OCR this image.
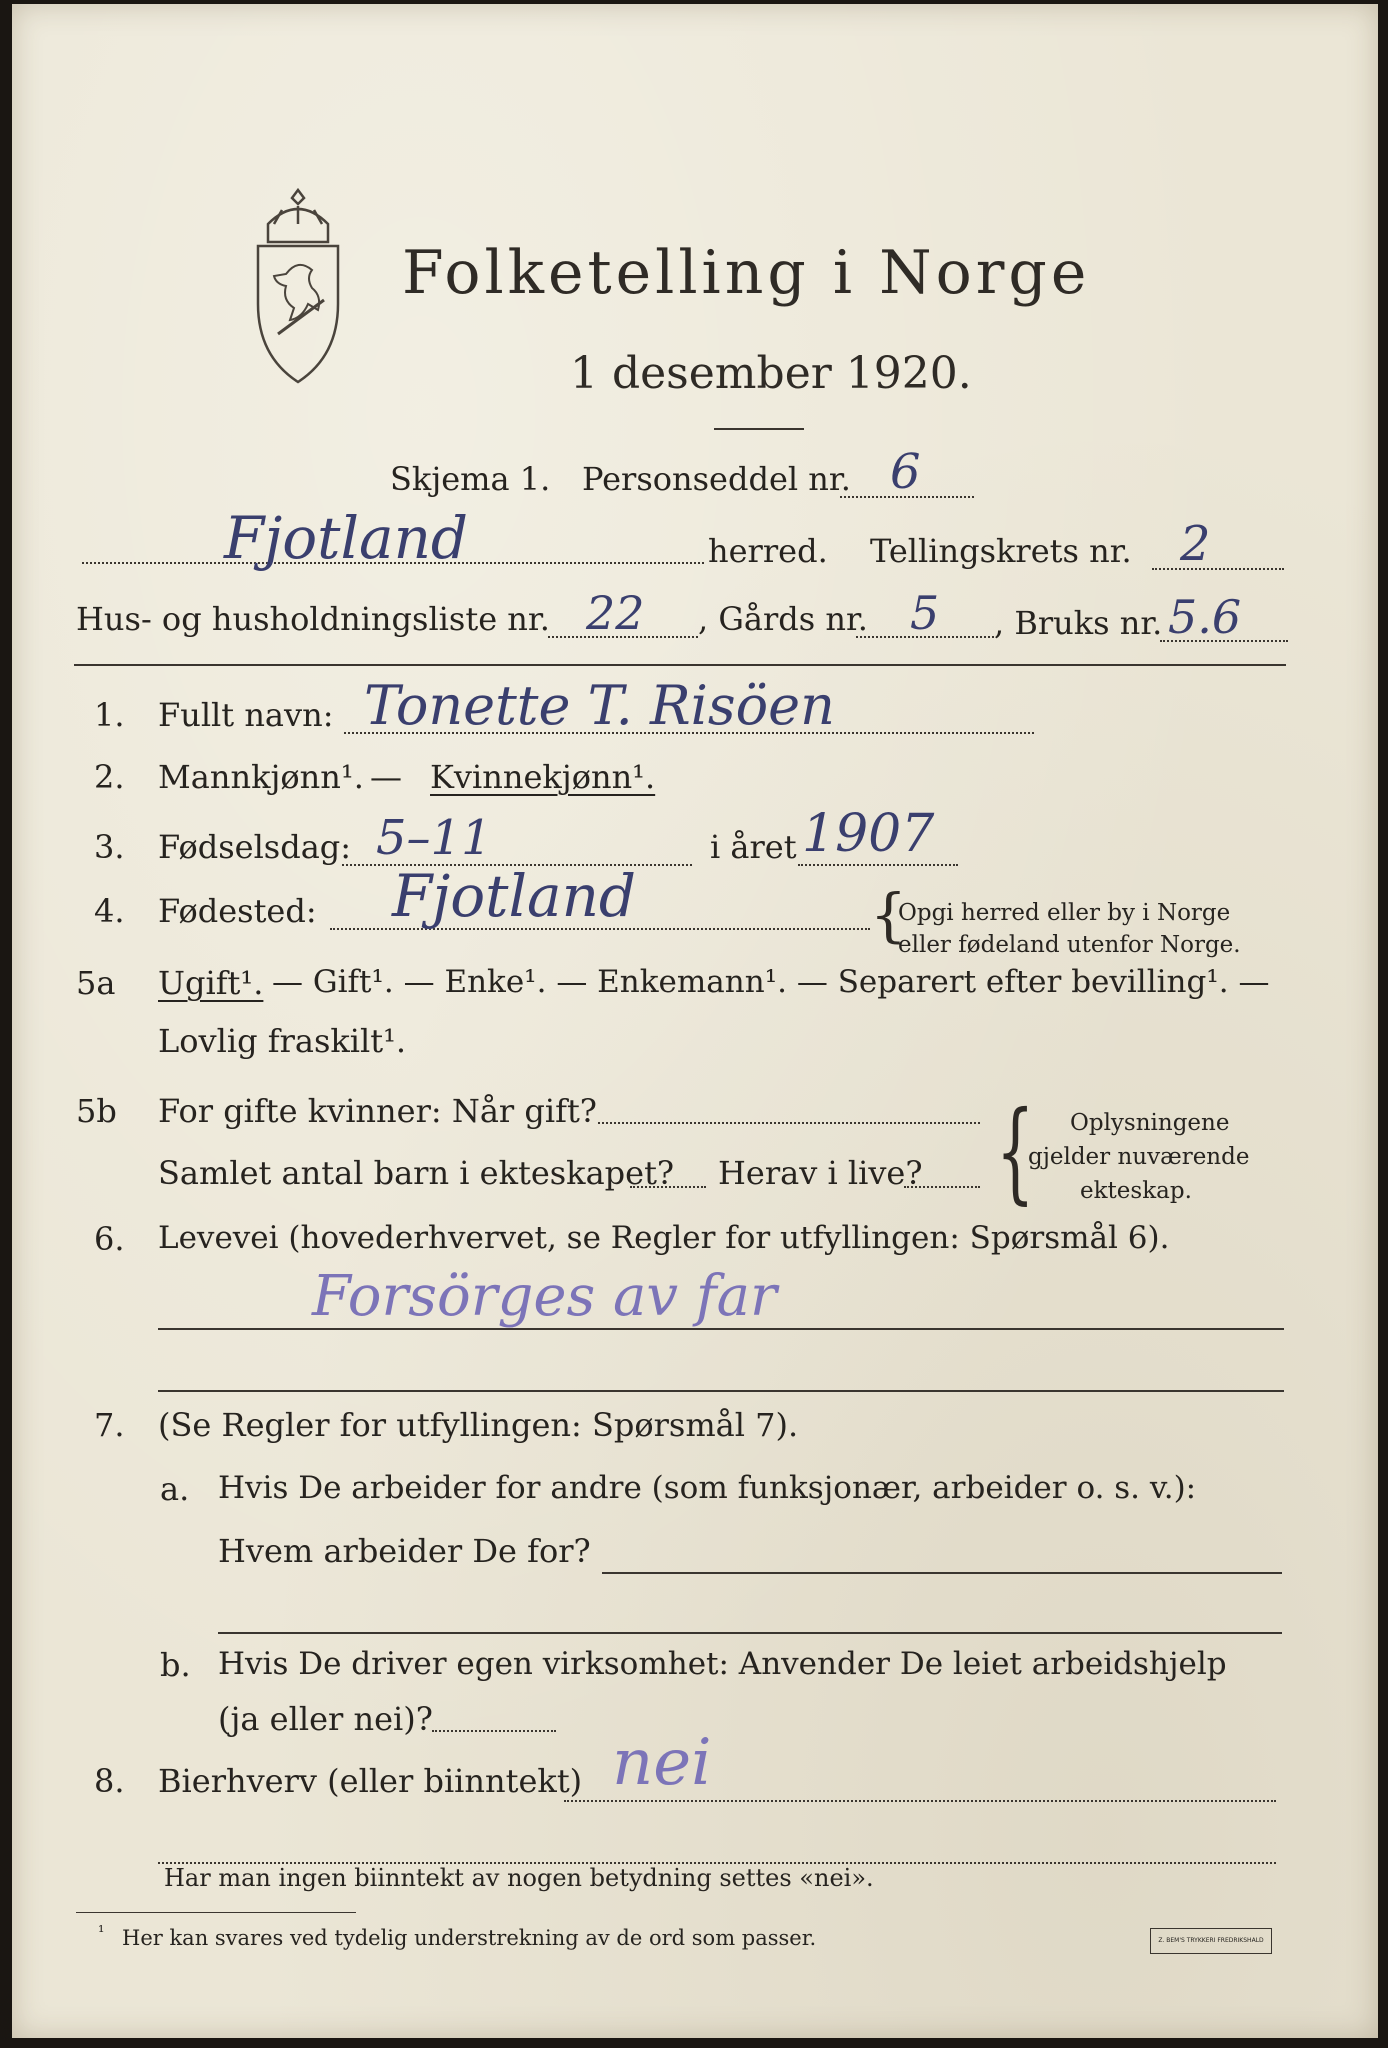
Folketelling i Norge
1 desember 1920.
Skjema 1. Personseddel nr. 6
Fjotland	herred. Tellingskrets nr. 2
Hus- og husholdningsliste nr. 22 , Gårds nr. 5 , Bruks nr. 5.6
1. Fullt navn: Tonette T. Risöen
2. Mannkjønn¹. — Kvinnekjønn¹.
3. Fødselsdag: 5–11	i året 1907
4. Fødested: Fjotland	{
Opgi herred eller by i Norge
eller fødeland utenfor Norge.
5a Ugift¹. — Gift¹. — Enke¹. — Enkemann¹. — Separert efter bevilling¹. —
Lovlig fraskilt¹.
5b For gifte kvinner: Når gift?
Samlet antal barn i ekteskapet? Herav i live? { Oplysningene
gjelder nuværende
ekteskap.
6. Levevei (hovederhvervet, se Regler for utfyllingen: Spørsmål 6).
Forsörges av far
7. (Se Regler for utfyllingen: Spørsmål 7).
a. Hvis De arbeider for andre (som funksjonær, arbeider o. s. v.):
Hvem arbeider De for?
b. Hvis De driver egen virksomhet: Anvender De leiet arbeidshjelp
(ja eller nei)?
8. Bierhverv (eller biinntekt) nei
Har man ingen biinntekt av nogen betydning settes «nei».
¹ Her kan svares ved tydelig understrekning av de ord som passer.	Z. BEM'S TRYKKERI FREDRIKSHALD
